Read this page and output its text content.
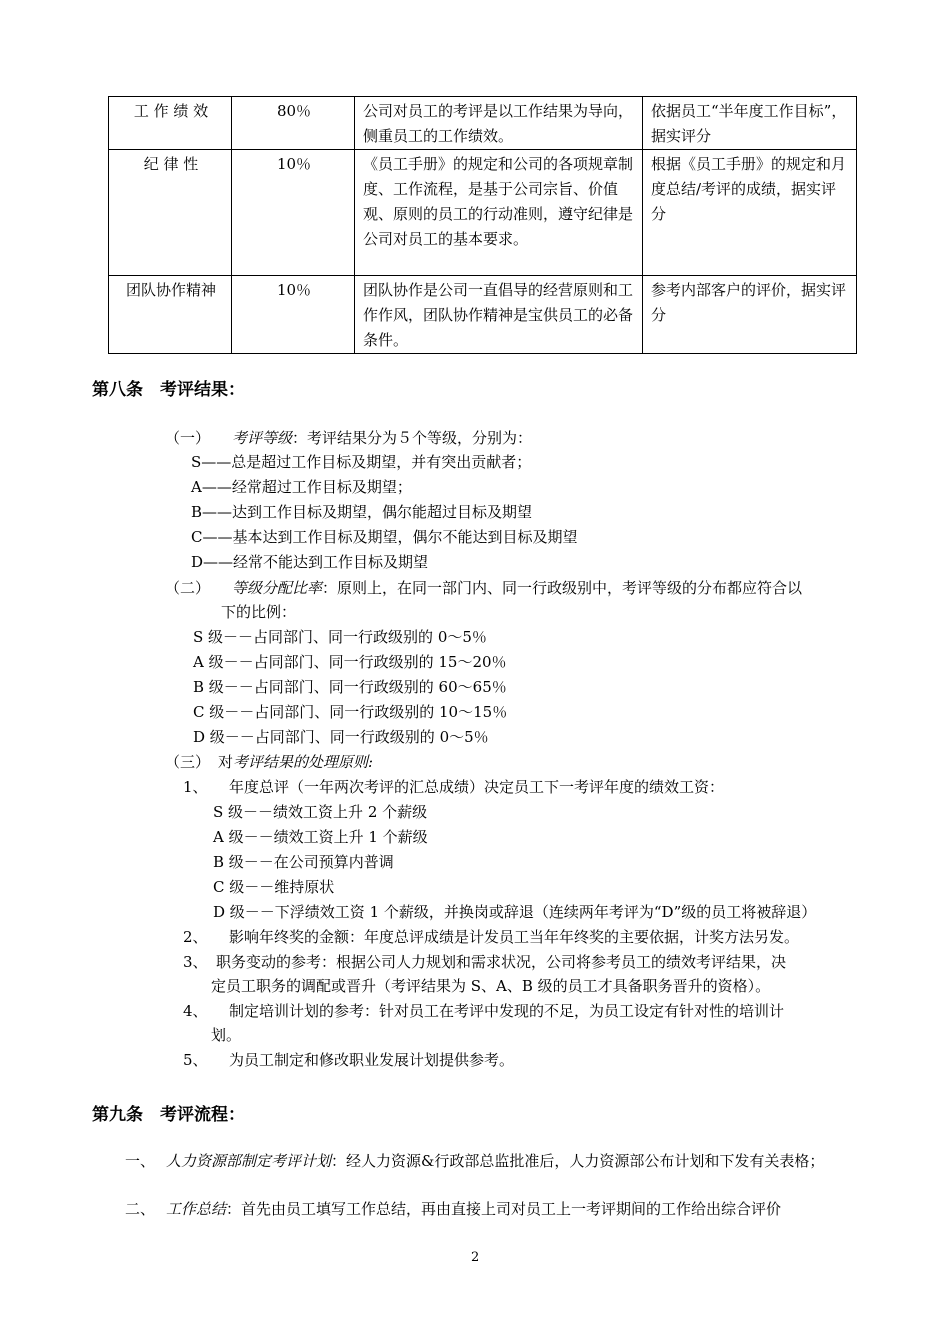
工 作 绩 效	80％	公司对员工的考评是以工作结果为导向，侧重员工的工作绩效。	依据员工“半年度工作目标”，据实评分
纪 律 性	10％	《员工手册》的规定和公司的各项规章制度、工作流程，是基于公司宗旨、价值观、原则的员工的行动准则，遵守纪律是公司对员工的基本要求。	根据《员工手册》的规定和月度总结/考评的成绩，据实评分
团队协作精神	10％	团队协作是公司一直倡导的经营原则和工作作风，团队协作精神是宝供员工的必备条件。	参考内部客户的评价，据实评分
第八条　考评结果：
（一） 考评等级：考评结果分为５个等级，分别为：
S——总是超过工作目标及期望，并有突出贡献者；
A——经常超过工作目标及期望；
B——达到工作目标及期望，偶尔能超过目标及期望
C——基本达到工作目标及期望，偶尔不能达到目标及期望
D——经常不能达到工作目标及期望
（二） 等级分配比率：原则上，在同一部门内、同一行政级别中，考评等级的分布都应符合以
下的比例：
S 级－－占同部门、同一行政级别的 0～5％
A 级－－占同部门、同一行政级别的 15～20％
B 级－－占同部门、同一行政级别的 60～65％
C 级－－占同部门、同一行政级别的 10～15％
D 级－－占同部门、同一行政级别的 0～5％
（三） 对考评结果的处理原则:
1、 年度总评（一年两次考评的汇总成绩）决定员工下一考评年度的绩效工资：
S 级－－绩效工资上升 2 个薪级
A 级－－绩效工资上升 1 个薪级
B 级－－在公司预算内普调
C 级－－维持原状
D 级－－下浮绩效工资 1 个薪级，并换岗或辞退（连续两年考评为“D”级的员工将被辞退）
2、 影响年终奖的金额：年度总评成绩是计发员工当年年终奖的主要依据，计奖方法另发。
3、 职务变动的参考：根据公司人力规划和需求状况，公司将参考员工的绩效考评结果，决
定员工职务的调配或晋升（考评结果为 S、A、B 级的员工才具备职务晋升的资格）。
4、 制定培训计划的参考：针对员工在考评中发现的不足，为员工设定有针对性的培训计
划。
5、 为员工制定和修改职业发展计划提供参考。
第九条　考评流程：
一、 人力资源部制定考评计划：经人力资源&行政部总监批准后，人力资源部公布计划和下发有关表格；
二、 工作总结：首先由员工填写工作总结，再由直接上司对员工上一考评期间的工作给出综合评价
2
